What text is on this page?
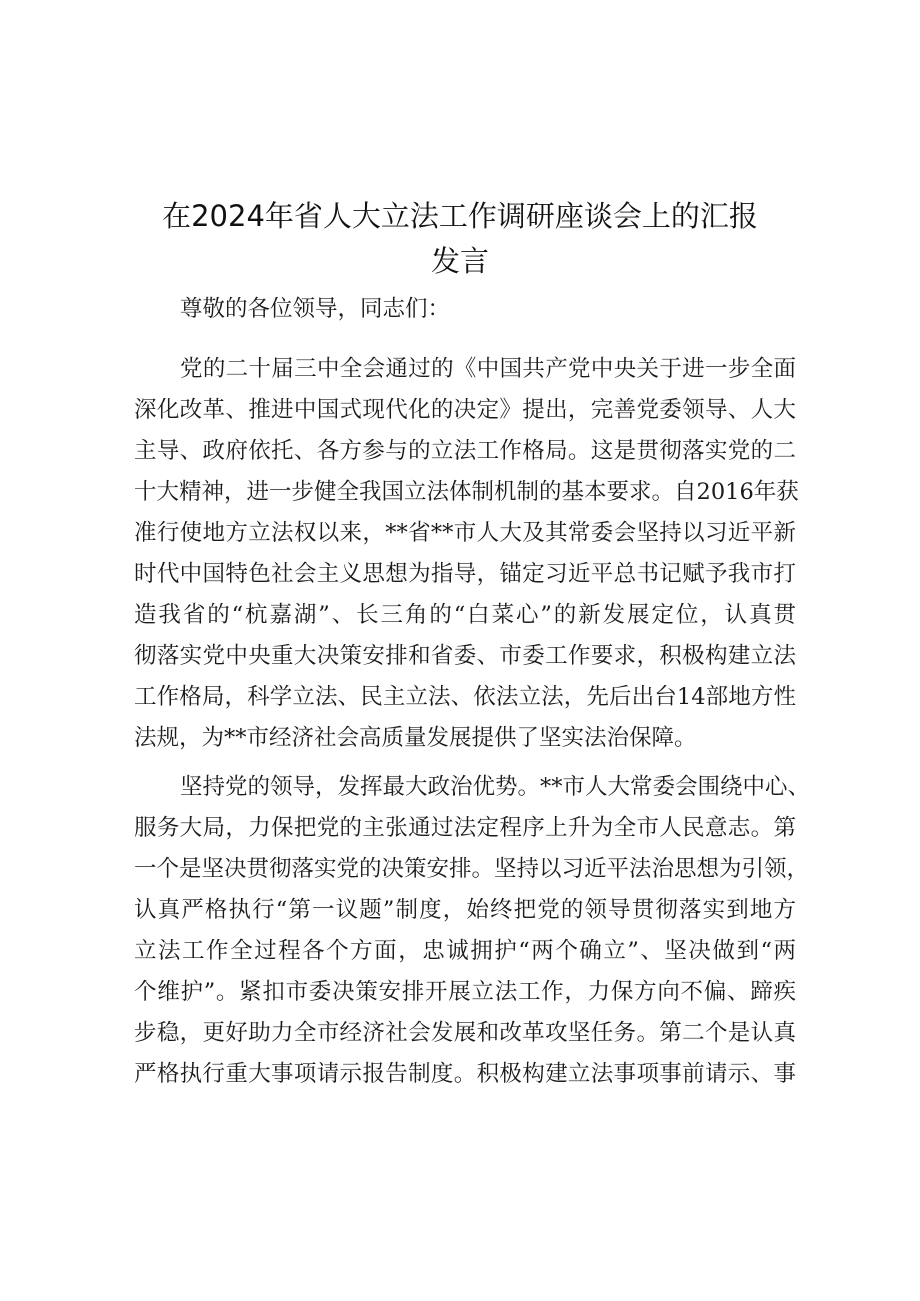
在2024年省人大立法工作调研座谈会上的汇报
发言
尊敬的各位领导，同志们：
党的二十届三中全会通过的《中国共产党中央关于进一步全面
深化改革、推进中国式现代化的决定》提出，完善党委领导、人大
主导、政府依托、各方参与的立法工作格局。这是贯彻落实党的二
十大精神，进一步健全我国立法体制机制的基本要求。自2016年获
准行使地方立法权以来，**省**市人大及其常委会坚持以习近平新
时代中国特色社会主义思想为指导，锚定习近平总书记赋予我市打
造我省的“杭嘉湖”、长三角的“白菜心”的新发展定位，认真贯
彻落实党中央重大决策安排和省委、市委工作要求，积极构建立法
工作格局，科学立法、民主立法、依法立法，先后出台14部地方性
法规，为**市经济社会高质量发展提供了坚实法治保障。
坚持党的领导，发挥最大政治优势。**市人大常委会围绕中心、
服务大局，力保把党的主张通过法定程序上升为全市人民意志。第
一个是坚决贯彻落实党的决策安排。坚持以习近平法治思想为引领，
认真严格执行“第一议题”制度，始终把党的领导贯彻落实到地方
立法工作全过程各个方面，忠诚拥护“两个确立”、坚决做到“两
个维护”。紧扣市委决策安排开展立法工作，力保方向不偏、蹄疾
步稳，更好助力全市经济社会发展和改革攻坚任务。第二个是认真
严格执行重大事项请示报告制度。积极构建立法事项事前请示、事
